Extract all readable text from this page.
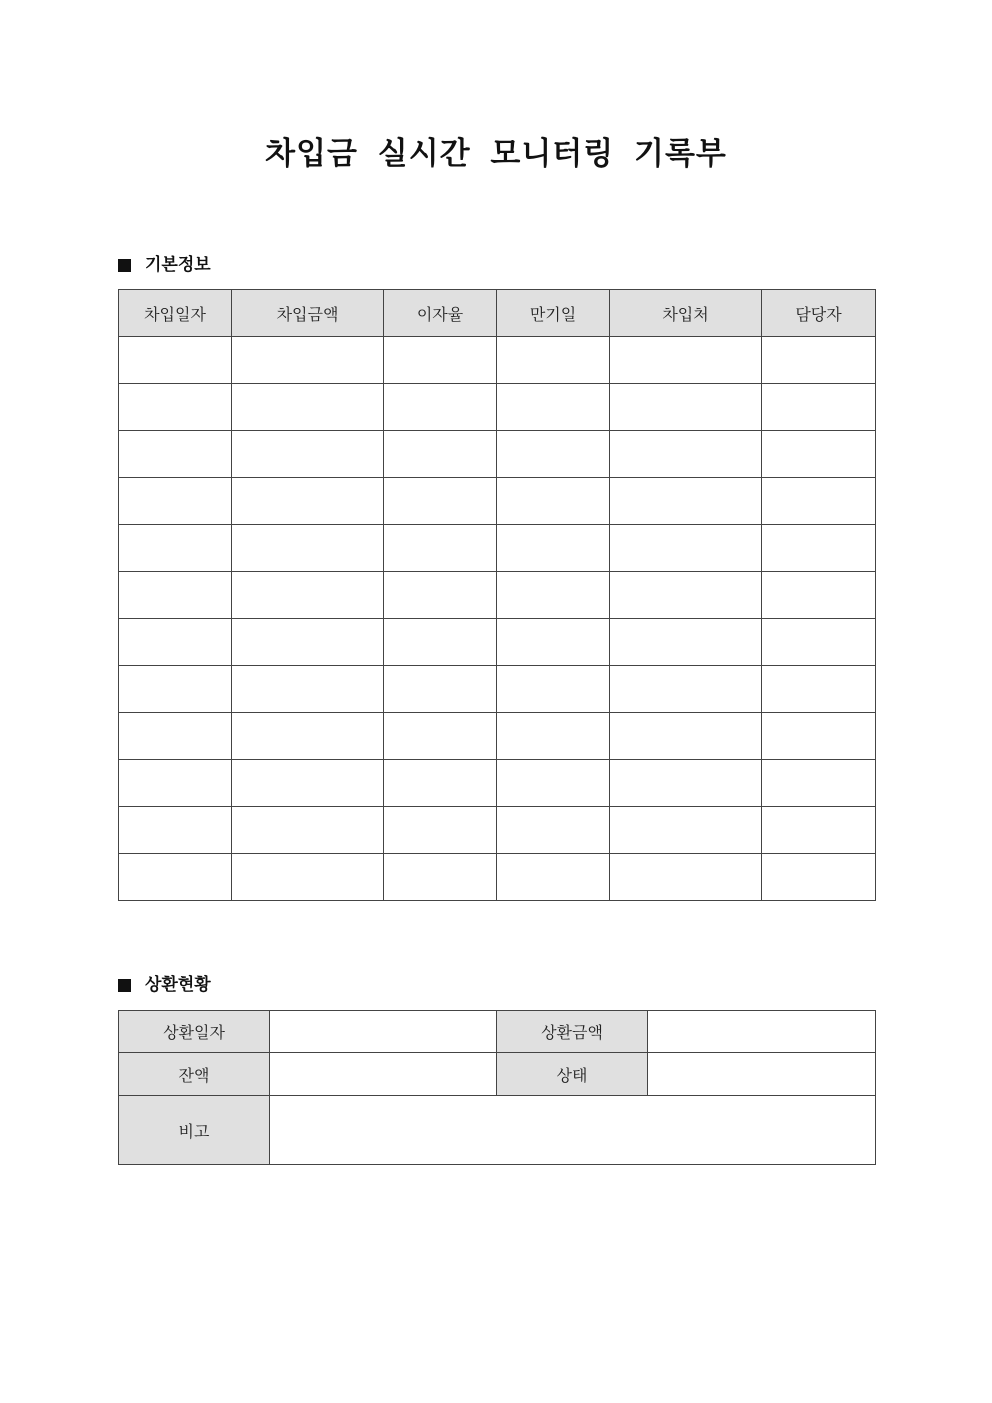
차입금 실시간 모니터링 기록부
기본정보
차입일자	차입금액	이자율	만기일	차입처	담당자

상환현황
상환일자		상환금액	
잔액		상태	
비고			
